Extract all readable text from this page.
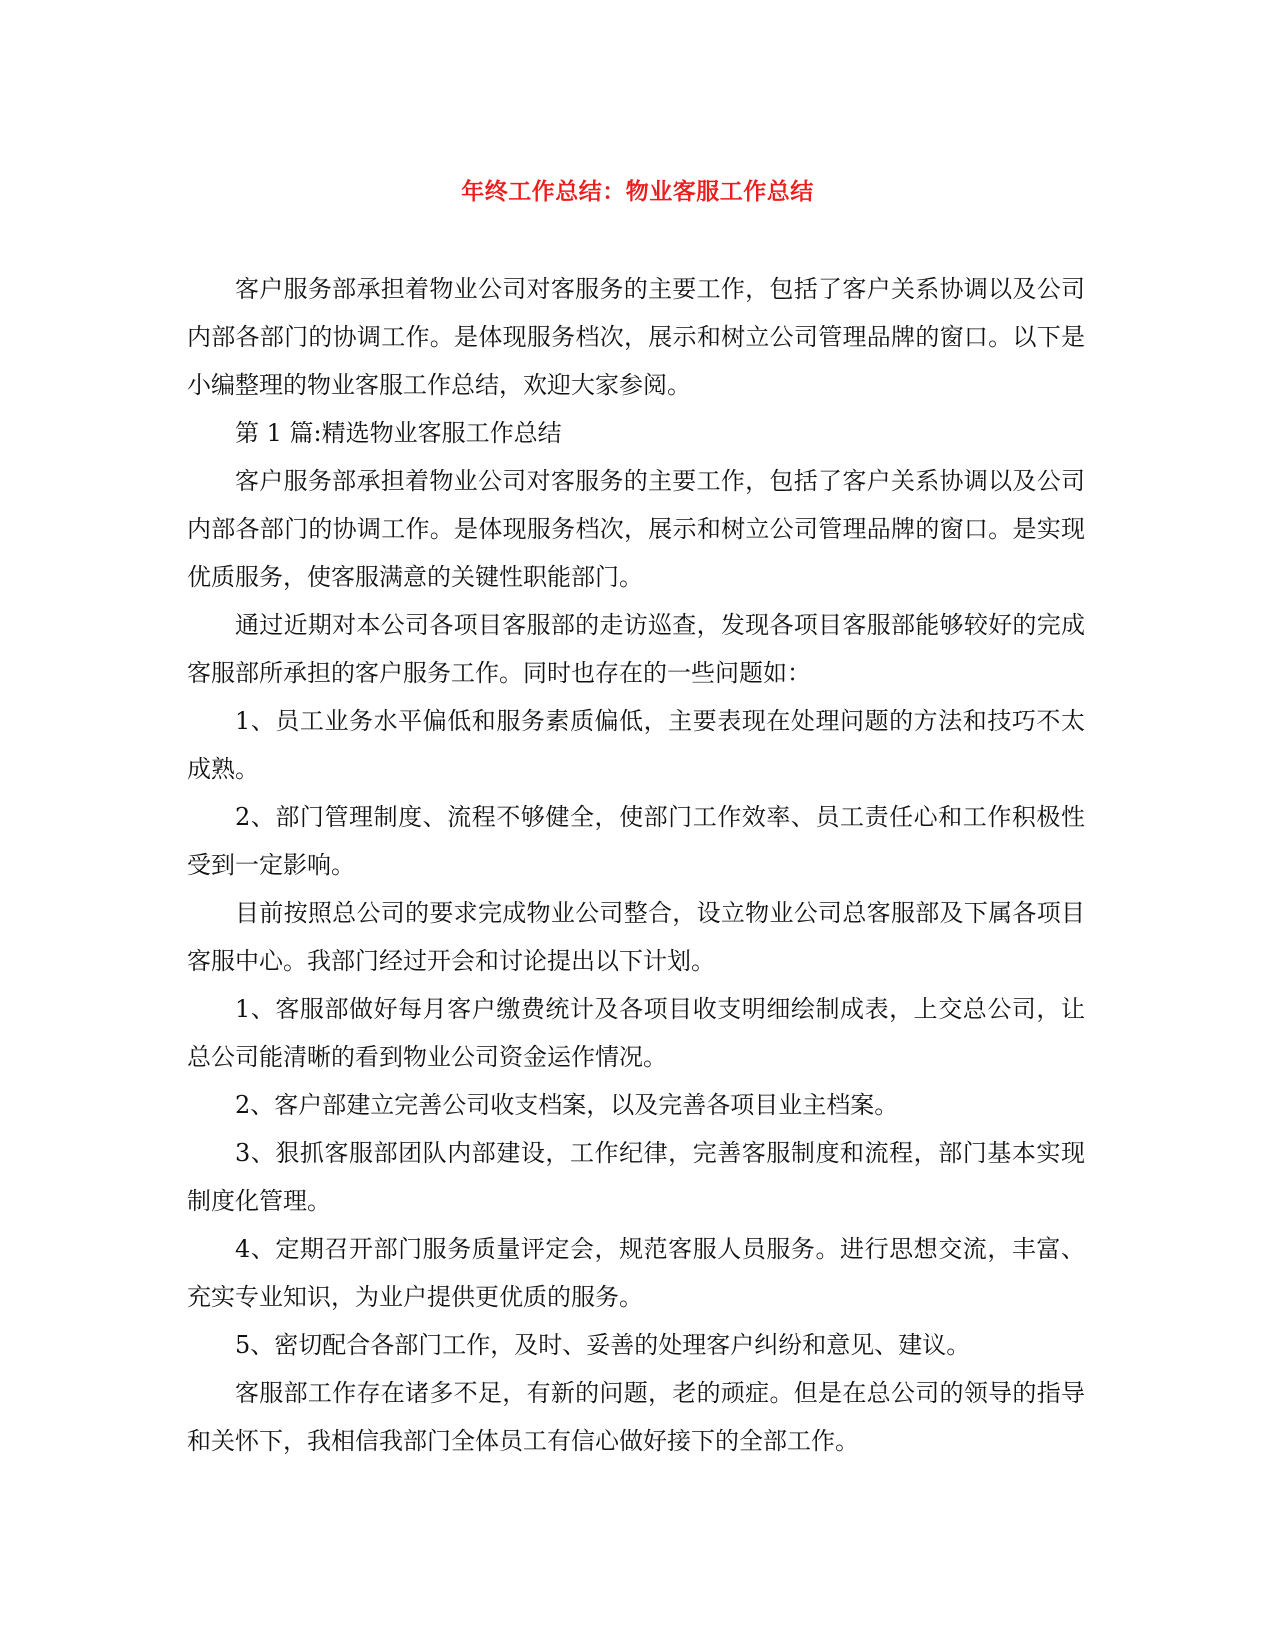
年终工作总结：物业客服工作总结

客户服务部承担着物业公司对客服务的主要工作，包括了客户关系协调以及公司内部各部门的协调工作。是体现服务档次，展示和树立公司管理品牌的窗口。以下是小编整理的物业客服工作总结，欢迎大家参阅。

第 1 篇:精选物业客服工作总结

客户服务部承担着物业公司对客服务的主要工作，包括了客户关系协调以及公司内部各部门的协调工作。是体现服务档次，展示和树立公司管理品牌的窗口。是实现优质服务，使客服满意的关键性职能部门。

通过近期对本公司各项目客服部的走访巡查，发现各项目客服部能够较好的完成客服部所承担的客户服务工作。同时也存在的一些问题如：

1、员工业务水平偏低和服务素质偏低，主要表现在处理问题的方法和技巧不太成熟。

2、部门管理制度、流程不够健全，使部门工作效率、员工责任心和工作积极性受到一定影响。

目前按照总公司的要求完成物业公司整合，设立物业公司总客服部及下属各项目客服中心。我部门经过开会和讨论提出以下计划。

1、客服部做好每月客户缴费统计及各项目收支明细绘制成表，上交总公司，让总公司能清晰的看到物业公司资金运作情况。

2、客户部建立完善公司收支档案，以及完善各项目业主档案。

3、狠抓客服部团队内部建设，工作纪律，完善客服制度和流程，部门基本实现制度化管理。

4、定期召开部门服务质量评定会，规范客服人员服务。进行思想交流，丰富、充实专业知识，为业户提供更优质的服务。

5、密切配合各部门工作，及时、妥善的处理客户纠纷和意见、建议。

客服部工作存在诸多不足，有新的问题，老的顽症。但是在总公司的领导的指导和关怀下，我相信我部门全体员工有信心做好接下的全部工作。
